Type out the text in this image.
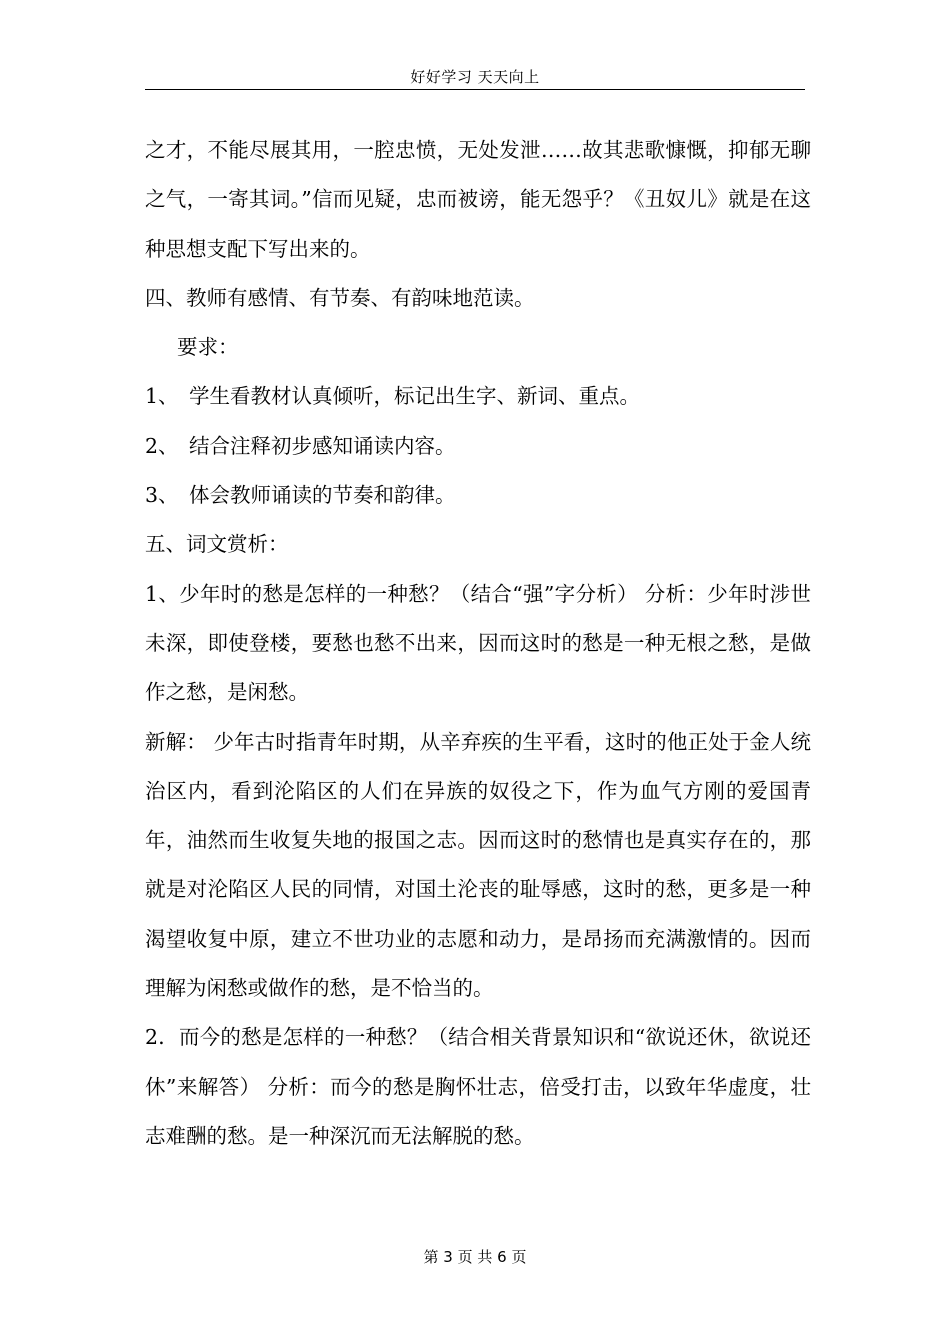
好好学习 天天向上

之才，不能尽展其用，一腔忠愤，无处发泄……故其悲歌慷慨，抑郁无聊之气，一寄其词。”信而见疑，忠而被谤，能无怨乎？《丑奴儿》就是在这种思想支配下写出来的。

四、教师有感情、有节奏、有韵味地范读。

要求：

1、 学生看教材认真倾听，标记出生字、新词、重点。

2、 结合注释初步感知诵读内容。

3、 体会教师诵读的节奏和韵律。

五、词文赏析：

1、少年时的愁是怎样的一种愁？（结合“强”字分析） 分析：少年时涉世未深，即使登楼，要愁也愁不出来，因而这时的愁是一种无根之愁，是做作之愁，是闲愁。

新解： 少年古时指青年时期，从辛弃疾的生平看，这时的他正处于金人统治区内，看到沦陷区的人们在异族的奴役之下，作为血气方刚的爱国青年，油然而生收复失地的报国之志。因而这时的愁情也是真实存在的，那就是对沦陷区人民的同情，对国土沦丧的耻辱感，这时的愁，更多是一种渴望收复中原，建立不世功业的志愿和动力，是昂扬而充满激情的。因而理解为闲愁或做作的愁，是不恰当的。

2．而今的愁是怎样的一种愁？（结合相关背景知识和“欲说还休，欲说还休”来解答） 分析：而今的愁是胸怀壮志，倍受打击，以致年华虚度，壮志难酬的愁。是一种深沉而无法解脱的愁。

第 3 页 共 6 页
